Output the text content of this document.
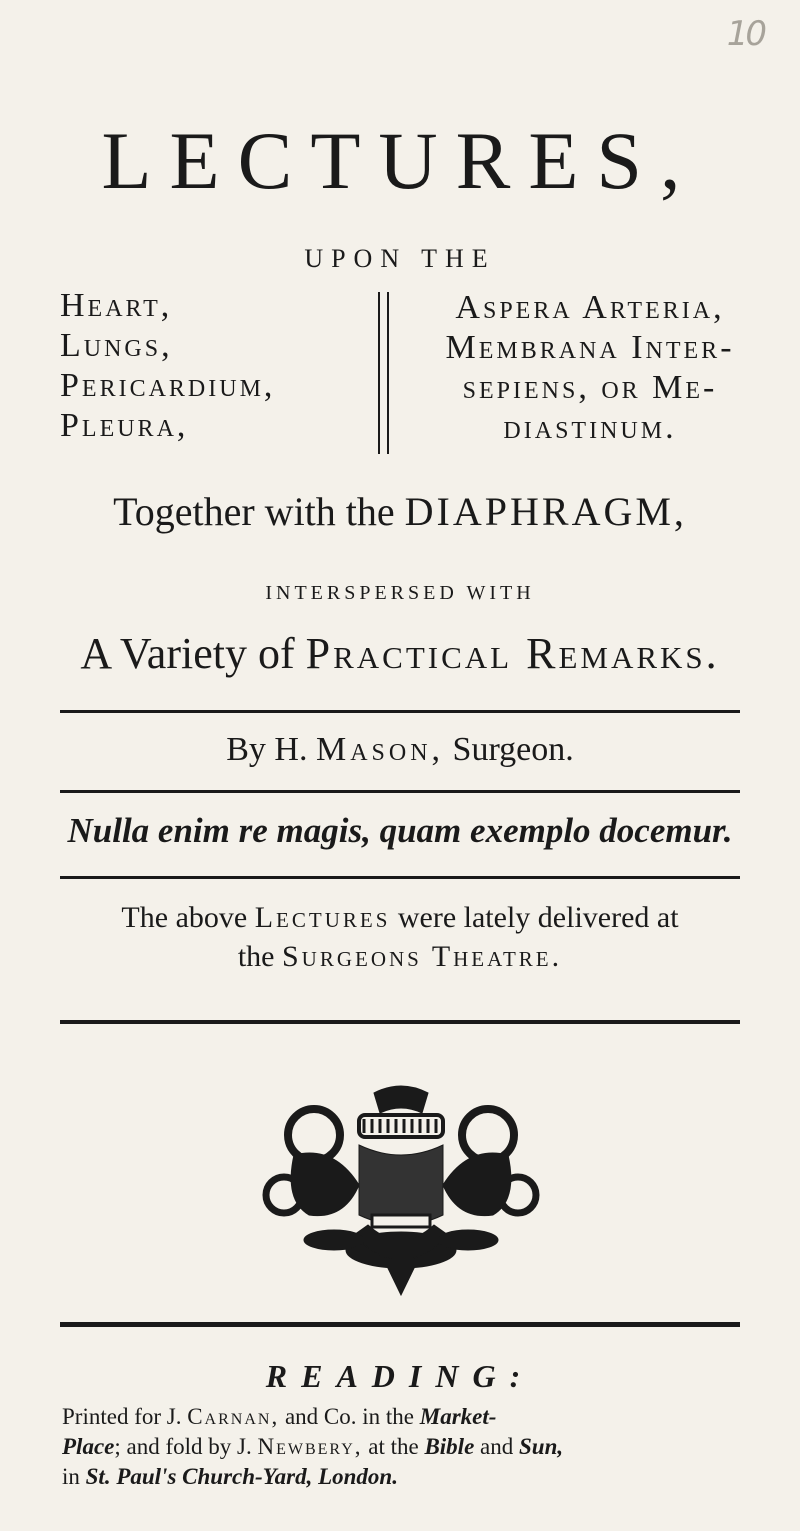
10
LECTURES,
UPON THE
Heart,
Lungs,
Pericardium,
Pleura,
Aspera Arteria,
Membrana Inter-
sepiens, or Me-
diastinum.
Together with the DIAPHRAGM,
INTERSPERSED WITH
A Variety of Practical Remarks.
By H. Mason, Surgeon.
Nulla enim re magis, quam exemplo docemur.
The above Lectures were lately delivered at
the Surgeons Theatre.
READING:
Printed for J. Carnan, and Co. in the Market-
Place; and fold by J. Newbery, at the Bible and Sun,
in St. Paul's Church-Yard, London.
